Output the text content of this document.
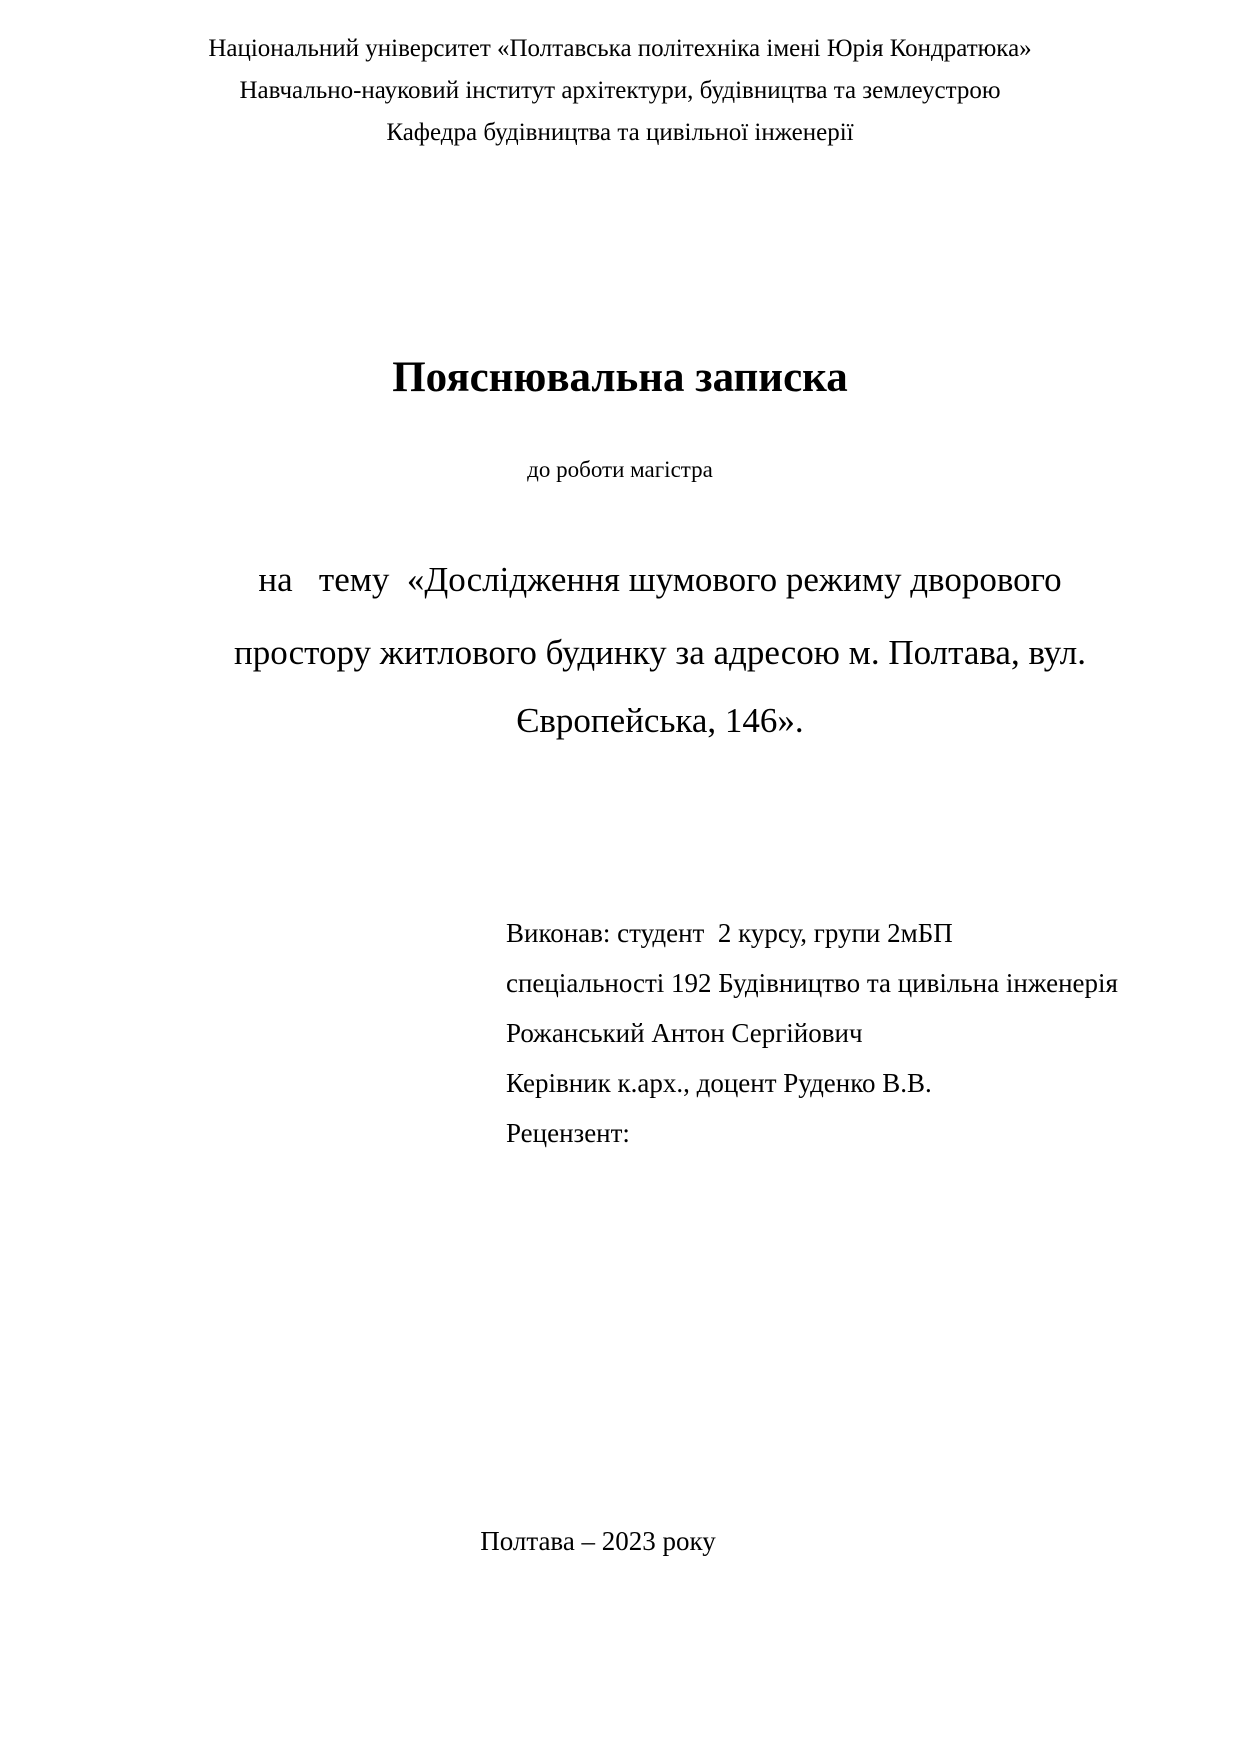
Національний університет «Полтавська політехніка імені Юрія Кондратюка»
Навчально-науковий інститут архітектури, будівництва та землеустрою
Кафедра будівництва та цивільної інженерії
Пояснювальна записка
до роботи магістра
на   тему  «Дослідження шумового режиму дворового
простору житлового будинку за адресою м. Полтава, вул.
Європейська, 146».
Виконав: студент  2 курсу, групи 2мБП
спеціальності 192 Будівництво та цивільна інженерія
Рожанський Антон Сергійович
Керівник к.арх., доцент Руденко В.В.
Рецензент:
Полтава – 2023 року
